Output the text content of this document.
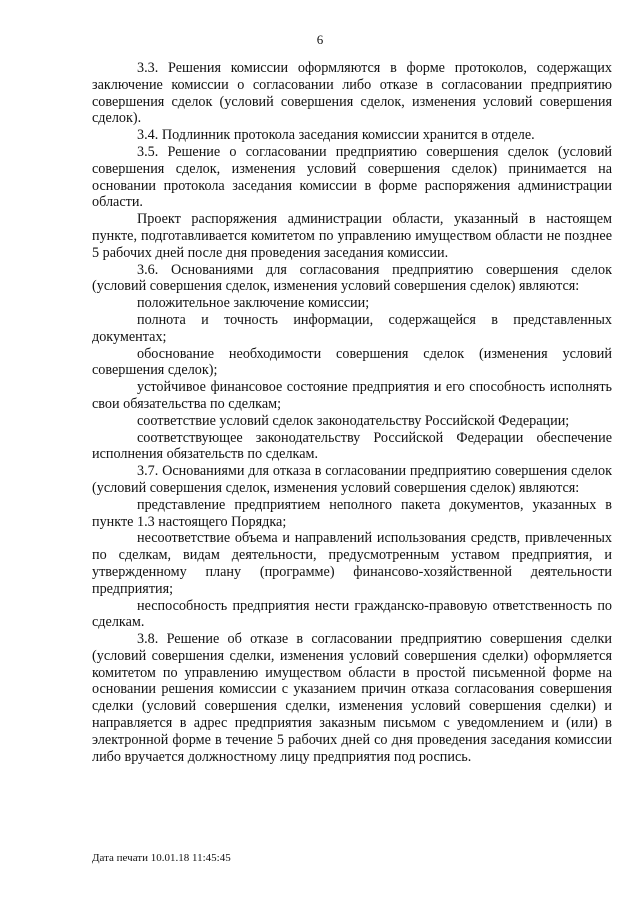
6

3.3. Решения комиссии оформляются в форме протоколов, содержащих заключение комиссии о согласовании либо отказе в согласовании предприятию совершения сделок (условий совершения сделок, изменения условий совершения сделок).

3.4. Подлинник протокола заседания комиссии хранится в отделе.

3.5. Решение о согласовании предприятию совершения сделок (условий совершения сделок, изменения условий совершения сделок) принимается на основании протокола заседания комиссии в форме распоряжения администрации области.

Проект распоряжения администрации области, указанный в настоящем пункте, подготавливается комитетом по управлению имуществом области не позднее 5 рабочих дней после дня проведения заседания комиссии.

3.6. Основаниями для согласования предприятию совершения сделок (условий совершения сделок, изменения условий совершения сделок) являются:

положительное заключение комиссии;

полнота и точность информации, содержащейся в представленных документах;

обоснование необходимости совершения сделок (изменения условий совершения сделок);

устойчивое финансовое состояние предприятия и его способность исполнять свои обязательства по сделкам;

соответствие условий сделок законодательству Российской Федерации;

соответствующее законодательству Российской Федерации обеспечение исполнения обязательств по сделкам.

3.7. Основаниями для отказа в согласовании предприятию совершения сделок (условий совершения сделок, изменения условий совершения сделок) являются:

представление предприятием неполного пакета документов, указанных в пункте 1.3 настоящего Порядка;

несоответствие объема и направлений использования средств, привлеченных по сделкам, видам деятельности, предусмотренным уставом предприятия, и утвержденному плану (программе) финансово-хозяйственной деятельности предприятия;

неспособность предприятия нести гражданско-правовую ответственность по сделкам.

3.8. Решение об отказе в согласовании предприятию совершения сделки (условий совершения сделки, изменения условий совершения сделки) оформляется комитетом по управлению имуществом области в простой письменной форме на основании решения комиссии с указанием причин отказа согласования совершения сделки (условий совершения сделки, изменения условий совершения сделки) и направляется в адрес предприятия заказным письмом с уведомлением и (или) в электронной форме в течение 5 рабочих дней со дня проведения заседания комиссии либо вручается должностному лицу предприятия под роспись.

Дата печати 10.01.18 11:45:45
